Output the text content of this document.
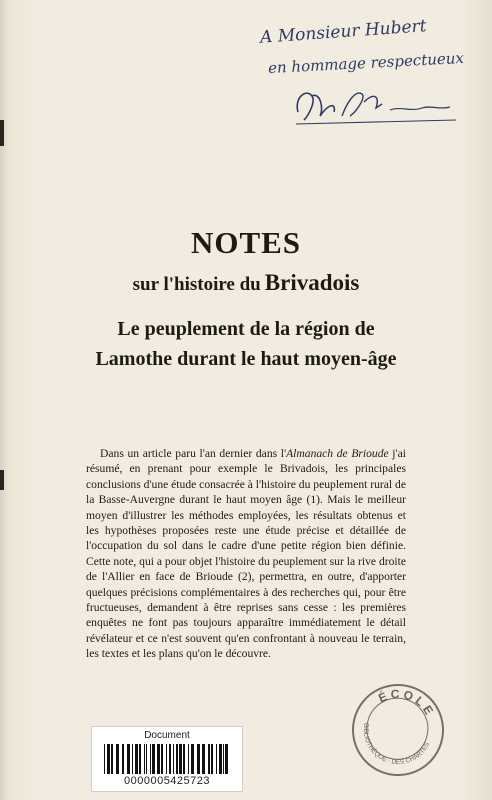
A Monsieur Hubert
en hommage respectueux
NOTES
sur l'histoire du Brivadois
Le peuplement de la région de
Lamothe durant le haut moyen-âge

Dans un article paru l'an dernier dans l'Almanach de Brioude j'ai résumé, en prenant pour exemple le Brivadois, les principales conclusions d'une étude consacrée à l'histoire du peuplement rural de la Basse-Auvergne durant le haut moyen âge (1). Mais le meilleur moyen d'illustrer les méthodes employées, les résultats obtenus et les hypothèses proposées reste une étude précise et détaillée de l'occupation du sol dans le cadre d'une petite région bien définie. Cette note, qui a pour objet l'histoire du peuplement sur la rive droite de l'Allier en face de Brioude (2), permettra, en outre, d'apporter quelques précisions complémentaires à des recherches qui, pour être fructueuses, demandent à être reprises sans cesse : les premières enquêtes ne font pas toujours apparaître immédiatement le détail révélateur et ce n'est souvent qu'en confrontant à nouveau le terrain, les textes et les plans qu'on le découvre.

ÉCOLE
BIBLIOTHÈQUE · DES CHARTES
Document
0000005425723
